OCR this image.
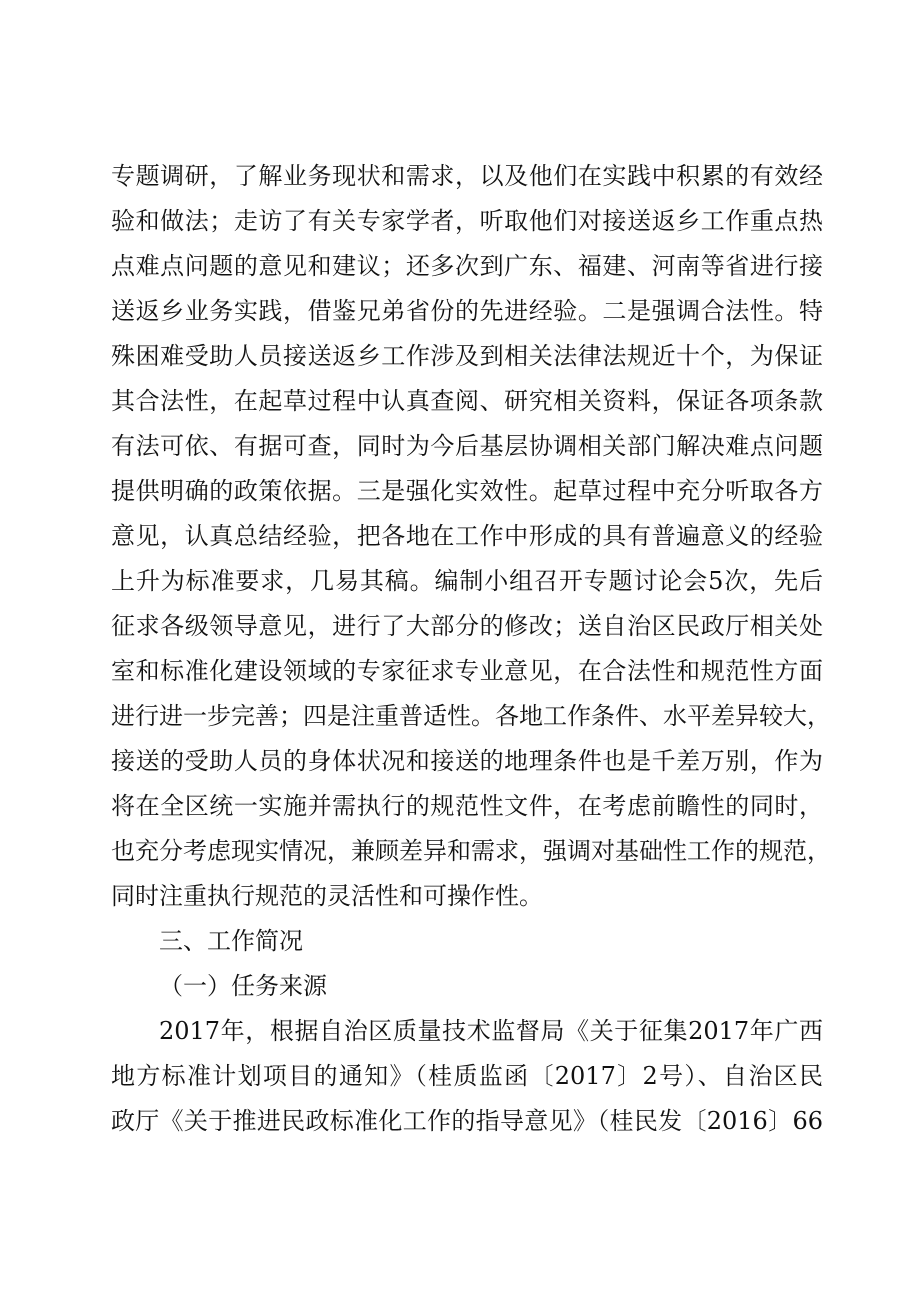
专题调研，了解业务现状和需求，以及他们在实践中积累的有效经
验和做法；走访了有关专家学者，听取他们对接送返乡工作重点热
点难点问题的意见和建议；还多次到广东、福建、河南等省进行接
送返乡业务实践，借鉴兄弟省份的先进经验。二是强调合法性。特
殊困难受助人员接送返乡工作涉及到相关法律法规近十个，为保证
其合法性，在起草过程中认真查阅、研究相关资料，保证各项条款
有法可依、有据可查，同时为今后基层协调相关部门解决难点问题
提供明确的政策依据。三是强化实效性。起草过程中充分听取各方
意见，认真总结经验，把各地在工作中形成的具有普遍意义的经验
上升为标准要求，几易其稿。编制小组召开专题讨论会5次，先后
征求各级领导意见，进行了大部分的修改；送自治区民政厅相关处
室和标准化建设领域的专家征求专业意见，在合法性和规范性方面
进行进一步完善；四是注重普适性。各地工作条件、水平差异较大，
接送的受助人员的身体状况和接送的地理条件也是千差万别，作为
将在全区统一实施并需执行的规范性文件，在考虑前瞻性的同时，
也充分考虑现实情况，兼顾差异和需求，强调对基础性工作的规范，
同时注重执行规范的灵活性和可操作性。
三、工作简况
（一）任务来源
2017年，根据自治区质量技术监督局《关于征集2017年广西
地方标准计划项目的通知》（桂质监函〔2017〕2号）、自治区民
政厅《关于推进民政标准化工作的指导意见》（桂民发〔2016〕66
